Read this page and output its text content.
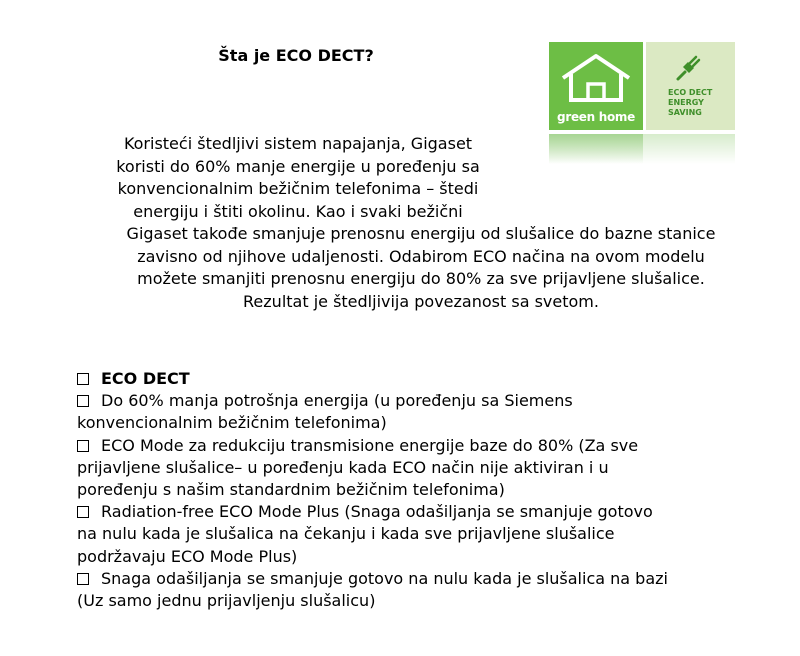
Šta je ECO DECT?
green home
ECO DECT
ENERGY
SAVING
Koristeći štedljivi sistem napajanja, Gigaset
koristi do 60% manje energije u poređenju sa
konvencionalnim bežičnim telefonima – štedi
energiju i štiti okolinu. Kao i svaki bežični
Gigaset takođe smanjuje prenosnu energiju od slušalice do bazne stanice
zavisno od njihove udaljenosti. Odabirom ECO načina na ovom modelu
možete smanjiti prenosnu energiju do 80% za sve prijavljene slušalice.
Rezultat je štedljivija povezanost sa svetom.
ECO DECT
Do 60% manja potrošnja energija (u poređenju sa Siemens
konvencionalnim bežičnim telefonima)
ECO Mode za redukciju transmisione energije baze do 80% (Za sve
prijavljene slušalice– u poređenju kada ECO način nije aktiviran i u
poređenju s našim standardnim bežičnim telefonima)
Radiation-free ECO Mode Plus (Snaga odašiljanja se smanjuje gotovo
na nulu kada je slušalica na čekanju i kada sve prijavljene slušalice
podržavaju ECO Mode Plus)
Snaga odašiljanja se smanjuje gotovo na nulu kada je slušalica na bazi
(Uz samo jednu prijavljenju slušalicu)
